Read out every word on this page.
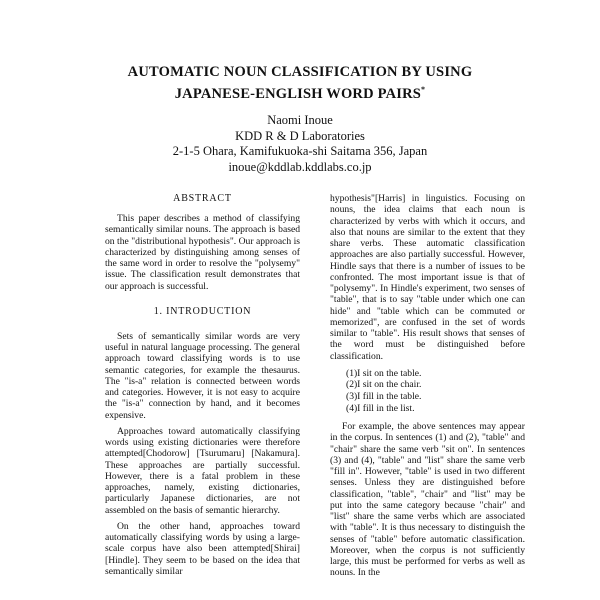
AUTOMATIC NOUN CLASSIFICATION BY USING
JAPANESE-ENGLISH WORD PAIRS*
Naomi Inoue
KDD R & D Laboratories
2-1-5 Ohara, Kamifukuoka-shi Saitama 356, Japan
inoue@kddlab.kddlabs.co.jp
ABSTRACT

This paper describes a method of classifying semantically similar nouns. The approach is based on the "distributional hypothesis". Our approach is characterized by distinguishing among senses of the same word in order to resolve the "polysemy" issue. The classification result demonstrates that our approach is successful.

1. INTRODUCTION

Sets of semantically similar words are very useful in natural language processing. The general approach toward classifying words is to use semantic categories, for example the thesaurus. The "is-a" relation is connected between words and categories. However, it is not easy to acquire the "is-a" connection by hand, and it becomes expensive.

Approaches toward automatically classifying words using existing dictionaries were therefore attempted[Chodorow] [Tsurumaru] [Nakamura]. These approaches are partially successful. However, there is a fatal problem in these approaches, namely, existing dictionaries, particularly Japanese dictionaries, are not assembled on the basis of semantic hierarchy.

On the other hand, approaches toward automatically classifying words by using a large-scale corpus have also been attempted[Shirai][Hindle]. They seem to be based on the idea that semantically similar

hypothesis"[Harris] in linguistics. Focusing on nouns, the idea claims that each noun is characterized by verbs with which it occurs, and also that nouns are similar to the extent that they share verbs. These automatic classification approaches are also partially successful. However, Hindle says that there is a number of issues to be confronted. The most important issue is that of "polysemy". In Hindle's experiment, two senses of "table", that is to say "table under which one can hide" and "table which can be commuted or memorized", are confused in the set of words similar to "table". His result shows that senses of the word must be distinguished before classification.

(1)I sit on the table.
(2)I sit on the chair.
(3)I fill in the table.
(4)I fill in the list.

For example, the above sentences may appear in the corpus. In sentences (1) and (2), "table" and "chair" share the same verb "sit on". In sentences (3) and (4), "table" and "list" share the same verb "fill in". However, "table" is used in two different senses. Unless they are distinguished before classification, "table", "chair" and "list" may be put into the same category because "chair" and "list" share the same verbs which are associated with "table". It is thus necessary to distinguish the senses of "table" before automatic classification. Moreover, when the corpus is not sufficiently large, this must be performed for verbs as well as nouns. In the
